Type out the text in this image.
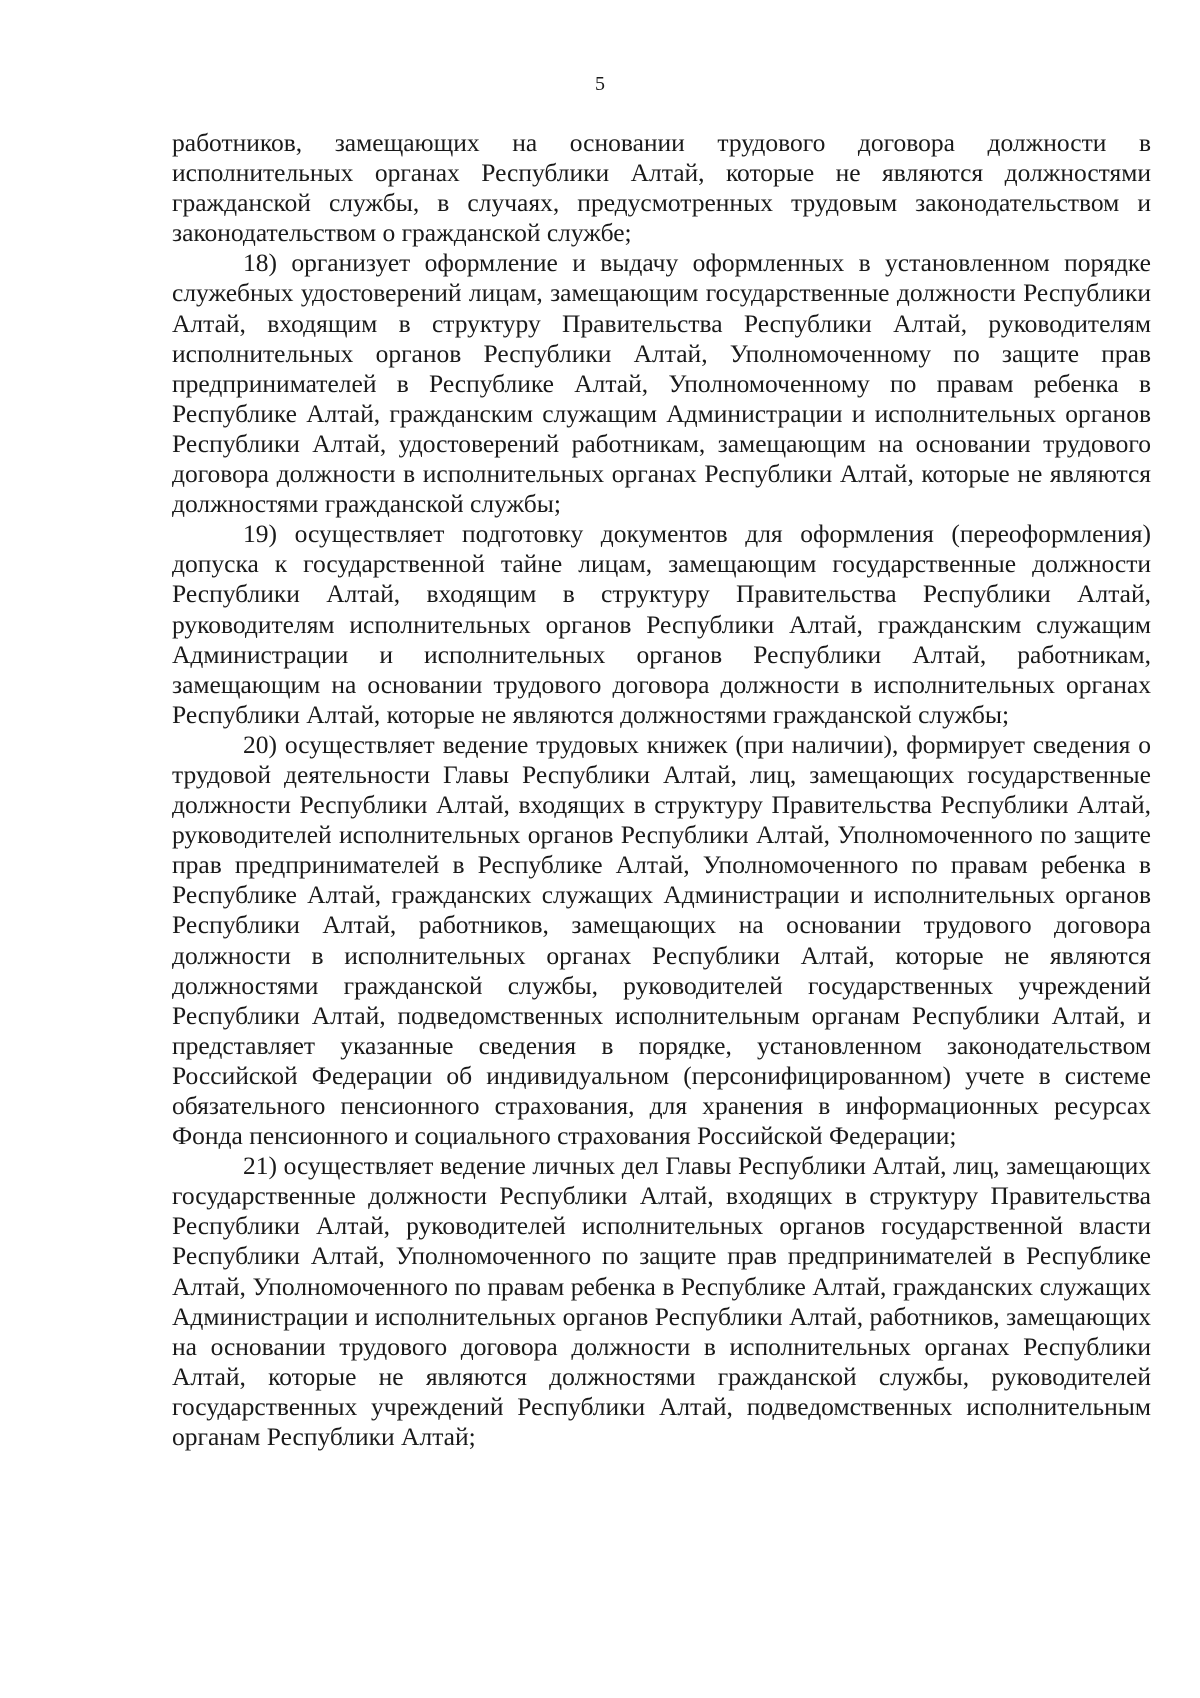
5

работников, замещающих на основании трудового договора должности в исполнительных органах Республики Алтай, которые не являются должностями гражданской службы, в случаях, предусмотренных трудовым законодательством и законодательством о гражданской службе;

18) организует оформление и выдачу оформленных в установленном порядке служебных удостоверений лицам, замещающим государственные должности Республики Алтай, входящим в структуру Правительства Республики Алтай, руководителям исполнительных органов Республики Алтай, Уполномоченному по защите прав предпринимателей в Республике Алтай, Уполномоченному по правам ребенка в Республике Алтай, гражданским служащим Администрации и исполнительных органов Республики Алтай, удостоверений работникам, замещающим на основании трудового договора должности в исполнительных органах Республики Алтай, которые не являются должностями гражданской службы;

19) осуществляет подготовку документов для оформления (переоформления) допуска к государственной тайне лицам, замещающим государственные должности Республики Алтай, входящим в структуру Правительства Республики Алтай, руководителям исполнительных органов Республики Алтай, гражданским служащим Администрации и исполнительных органов Республики Алтай, работникам, замещающим на основании трудового договора должности в исполнительных органах Республики Алтай, которые не являются должностями гражданской службы;

20) осуществляет ведение трудовых книжек (при наличии), формирует сведения о трудовой деятельности Главы Республики Алтай, лиц, замещающих государственные должности Республики Алтай, входящих в структуру Правительства Республики Алтай, руководителей исполнительных органов Республики Алтай, Уполномоченного по защите прав предпринимателей в Республике Алтай, Уполномоченного по правам ребенка в Республике Алтай, гражданских служащих Администрации и исполнительных органов Республики Алтай, работников, замещающих на основании трудового договора должности в исполнительных органах Республики Алтай, которые не являются должностями гражданской службы, руководителей государственных учреждений Республики Алтай, подведомственных исполнительным органам Республики Алтай, и представляет указанные сведения в порядке, установленном законодательством Российской Федерации об индивидуальном (персонифицированном) учете в системе обязательного пенсионного страхования, для хранения в информационных ресурсах Фонда пенсионного и социального страхования Российской Федерации;

21) осуществляет ведение личных дел Главы Республики Алтай, лиц, замещающих государственные должности Республики Алтай, входящих в структуру Правительства Республики Алтай, руководителей исполнительных органов государственной власти Республики Алтай, Уполномоченного по защите прав предпринимателей в Республике Алтай, Уполномоченного по правам ребенка в Республике Алтай, гражданских служащих Администрации и исполнительных органов Республики Алтай, работников, замещающих на основании трудового договора должности в исполнительных органах Республики Алтай, которые не являются должностями гражданской службы, руководителей государственных учреждений Республики Алтай, подведомственных исполнительным органам Республики Алтай;
